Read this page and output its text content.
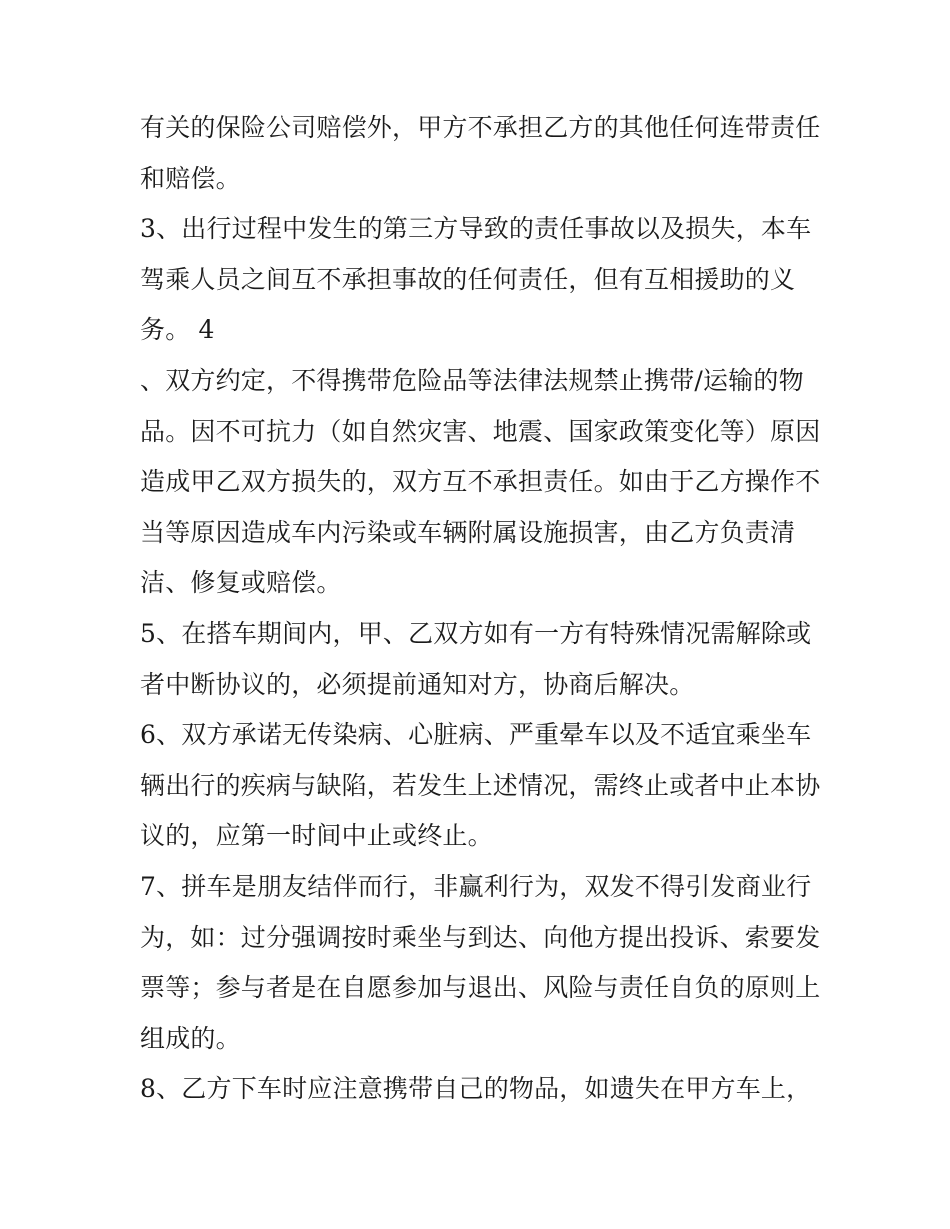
有关的保险公司赔偿外，甲方不承担乙方的其他任何连带责任
和赔偿。
3、出行过程中发生的第三方导致的责任事故以及损失，本车
驾乘人员之间互不承担事故的任何责任，但有互相援助的义
务。 4
、双方约定，不得携带危险品等法律法规禁止携带/运输的物
品。因不可抗力（如自然灾害、地震、国家政策变化等）原因
造成甲乙双方损失的，双方互不承担责任。如由于乙方操作不
当等原因造成车内污染或车辆附属设施损害，由乙方负责清
洁、修复或赔偿。
5、在搭车期间内，甲、乙双方如有一方有特殊情况需解除或
者中断协议的，必须提前通知对方，协商后解决。
6、双方承诺无传染病、心脏病、严重晕车以及不适宜乘坐车
辆出行的疾病与缺陷，若发生上述情况，需终止或者中止本协
议的，应第一时间中止或终止。
7、拼车是朋友结伴而行，非赢利行为，双发不得引发商业行
为，如：过分强调按时乘坐与到达、向他方提出投诉、索要发
票等；参与者是在自愿参加与退出、风险与责任自负的原则上
组成的。
8、乙方下车时应注意携带自己的物品，如遗失在甲方车上，
